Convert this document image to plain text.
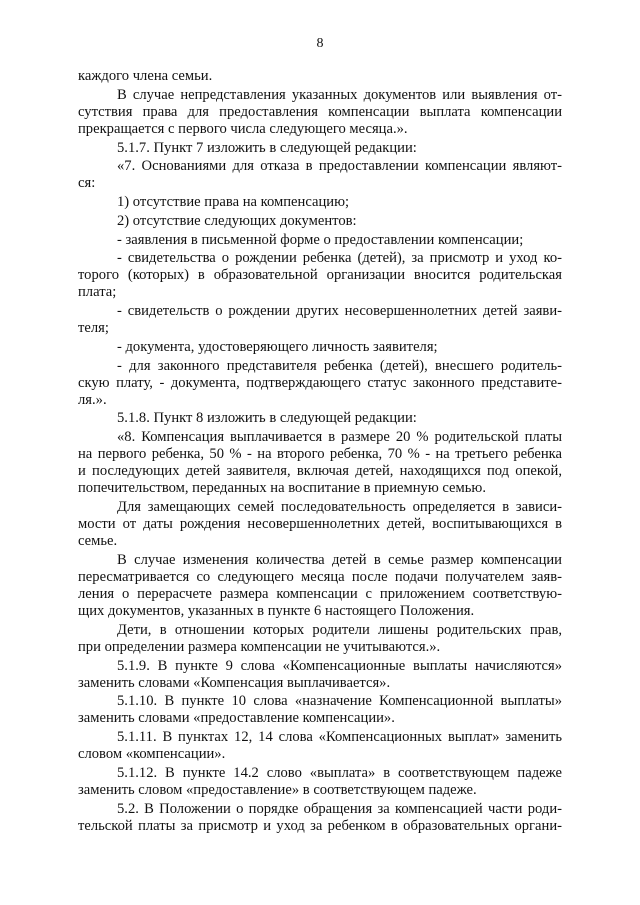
8
каждого члена семьи.
В случае непредставления указанных документов или выявления от-
сутствия права для предоставления компенсации выплата компенсации
прекращается с первого числа следующего месяца.».
5.1.7. Пункт 7 изложить в следующей редакции:
«7. Основаниями для отказа в предоставлении компенсации являют-
ся:
1) отсутствие права на компенсацию;
2) отсутствие следующих документов:
- заявления в письменной форме о предоставлении компенсации;
- свидетельства о рождении ребенка (детей), за присмотр и уход ко-
торого (которых) в образовательной организации вносится родительская
плата;
- свидетельств о рождении других несовершеннолетних детей заяви-
теля;
- документа, удостоверяющего личность заявителя;
- для законного представителя ребенка (детей), внесшего родитель-
скую плату, - документа, подтверждающего статус законного представите-
ля.».
5.1.8. Пункт 8 изложить в следующей редакции:
«8. Компенсация выплачивается в размере 20 % родительской платы
на первого ребенка, 50 % - на второго ребенка, 70 % - на третьего ребенка
и последующих детей заявителя, включая детей, находящихся под опекой,
попечительством, переданных на воспитание в приемную семью.
Для замещающих семей последовательность определяется в зависи-
мости от даты рождения несовершеннолетних детей, воспитывающихся в
семье.
В случае изменения количества детей в семье размер компенсации
пересматривается со следующего месяца после подачи получателем заяв-
ления о перерасчете размера компенсации с приложением соответствую-
щих документов, указанных в пункте 6 настоящего Положения.
Дети, в отношении которых родители лишены родительских прав,
при определении размера компенсации не учитываются.».
5.1.9. В пункте 9 слова «Компенсационные выплаты начисляются»
заменить словами «Компенсация выплачивается».
5.1.10. В пункте 10 слова «назначение Компенсационной выплаты»
заменить словами «предоставление компенсации».
5.1.11. В пунктах 12, 14 слова «Компенсационных выплат» заменить
словом «компенсации».
5.1.12. В пункте 14.2 слово «выплата» в соответствующем падеже
заменить словом «предоставление» в соответствующем падеже.
5.2. В Положении о порядке обращения за компенсацией части роди-
тельской платы за присмотр и уход за ребенком в образовательных органи-
